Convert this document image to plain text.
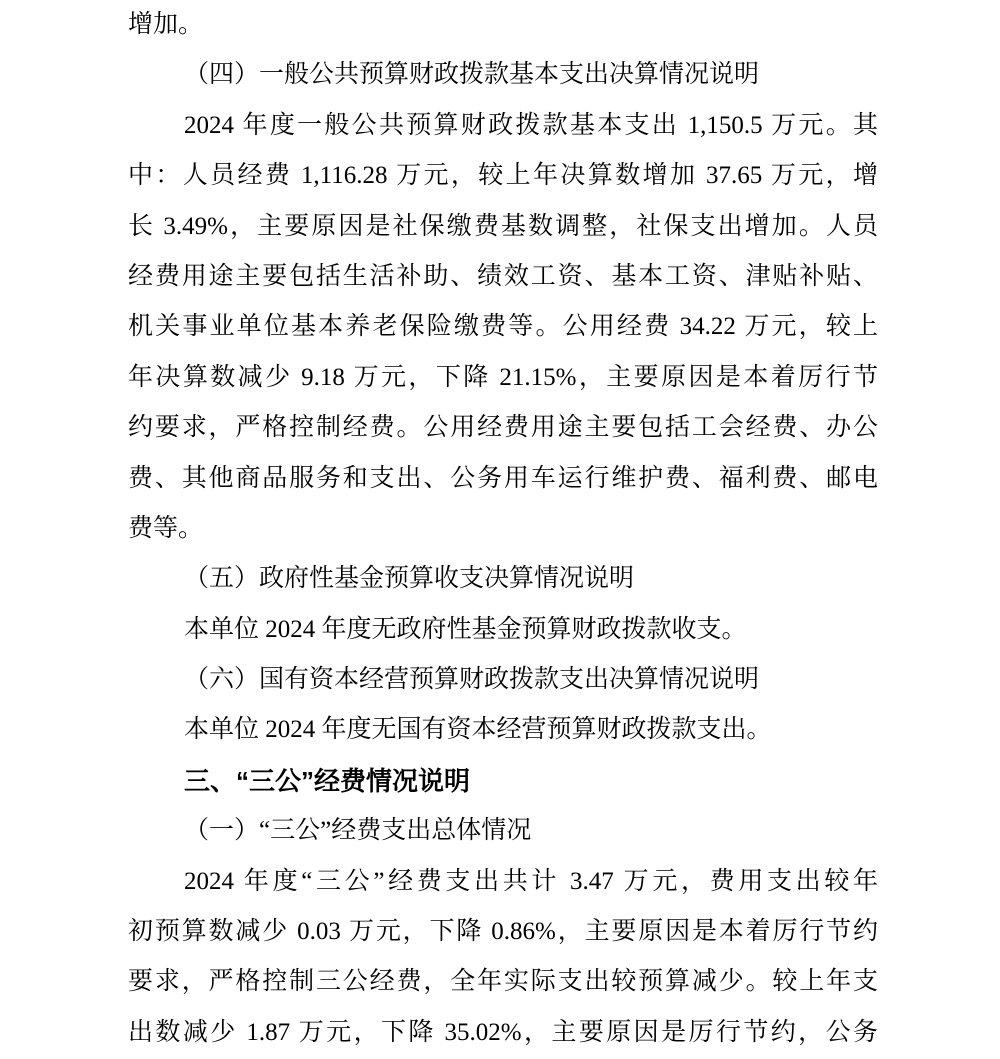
增加。
（四）一般公共预算财政拨款基本支出决算情况说明
2024 年度一般公共预算财政拨款基本支出 1,150.5 万元。其
中：人员经费 1,116.28 万元，较上年决算数增加 37.65 万元，增
长 3.49%，主要原因是社保缴费基数调整，社保支出增加。人员
经费用途主要包括生活补助、绩效工资、基本工资、津贴补贴、
机关事业单位基本养老保险缴费等。公用经费 34.22 万元，较上
年决算数减少 9.18 万元，下降 21.15%，主要原因是本着厉行节
约要求，严格控制经费。公用经费用途主要包括工会经费、办公
费、其他商品服务和支出、公务用车运行维护费、福利费、邮电
费等。
（五）政府性基金预算收支决算情况说明
本单位 2024 年度无政府性基金预算财政拨款收支。
（六）国有资本经营预算财政拨款支出决算情况说明
本单位 2024 年度无国有资本经营预算财政拨款支出。
三、“三公”经费情况说明
（一）“三公”经费支出总体情况
2024 年度“三公”经费支出共计 3.47 万元，费用支出较年
初预算数减少 0.03 万元，下降 0.86%，主要原因是本着厉行节约
要求，严格控制三公经费，全年实际支出较预算减少。较上年支
出数减少 1.87 万元，下降 35.02%，主要原因是厉行节约，公务
